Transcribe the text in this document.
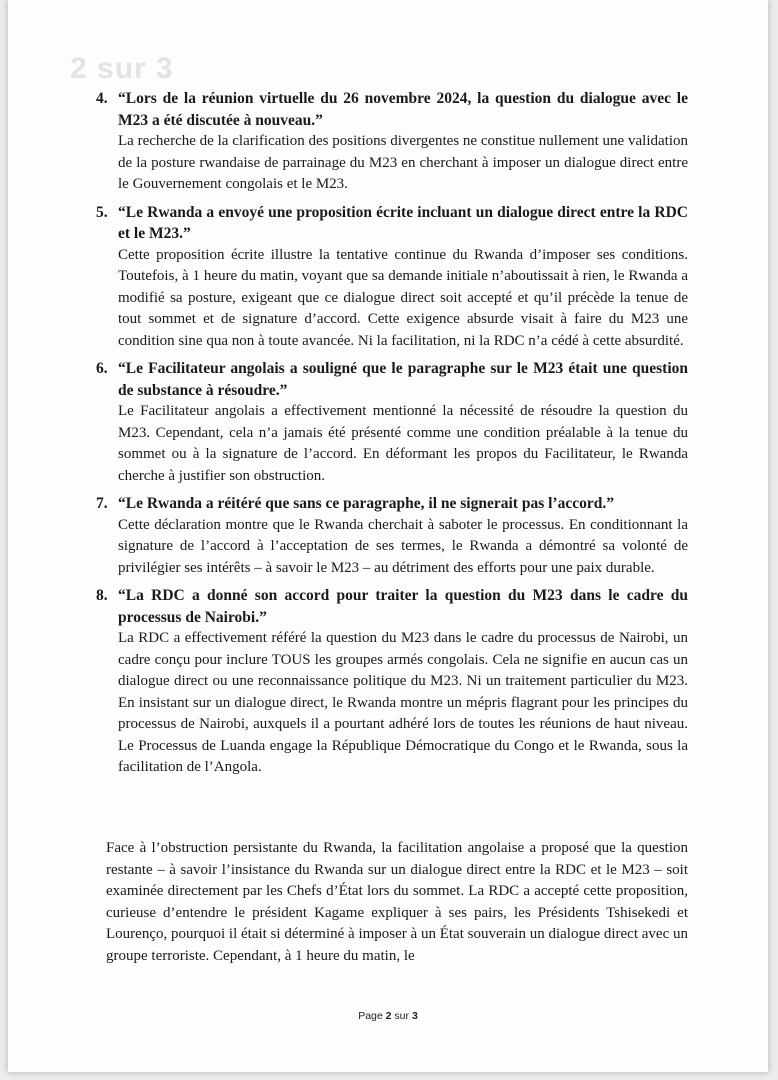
2 sur 3
4. “Lors de la réunion virtuelle du 26 novembre 2024, la question du dialogue avec le M23 a été discutée à nouveau.”

La recherche de la clarification des positions divergentes ne constitue nullement une validation de la posture rwandaise de parrainage du M23 en cherchant à imposer un dialogue direct entre le Gouvernement congolais et le M23.

5. “Le Rwanda a envoyé une proposition écrite incluant un dialogue direct entre la RDC et le M23.”

Cette proposition écrite illustre la tentative continue du Rwanda d’imposer ses conditions. Toutefois, à 1 heure du matin, voyant que sa demande initiale n’aboutissait à rien, le Rwanda a modifié sa posture, exigeant que ce dialogue direct soit accepté et qu’il précède la tenue de tout sommet et de signature d’accord. Cette exigence absurde visait à faire du M23 une condition sine qua non à toute avancée. Ni la facilitation, ni la RDC n’a cédé à cette absurdité.

6. “Le Facilitateur angolais a souligné que le paragraphe sur le M23 était une question de substance à résoudre.”

Le Facilitateur angolais a effectivement mentionné la nécessité de résoudre la question du M23. Cependant, cela n’a jamais été présenté comme une condition préalable à la tenue du sommet ou à la signature de l’accord. En déformant les propos du Facilitateur, le Rwanda cherche à justifier son obstruction.

7. “Le Rwanda a réitéré que sans ce paragraphe, il ne signerait pas l’accord.”

Cette déclaration montre que le Rwanda cherchait à saboter le processus. En conditionnant la signature de l’accord à l’acceptation de ses termes, le Rwanda a démontré sa volonté de privilégier ses intérêts – à savoir le M23 – au détriment des efforts pour une paix durable.

8. “La RDC a donné son accord pour traiter la question du M23 dans le cadre du processus de Nairobi.”

La RDC a effectivement référé la question du M23 dans le cadre du processus de Nairobi, un cadre conçu pour inclure TOUS les groupes armés congolais. Cela ne signifie en aucun cas un dialogue direct ou une reconnaissance politique du M23. Ni un traitement particulier du M23. En insistant sur un dialogue direct, le Rwanda montre un mépris flagrant pour les principes du processus de Nairobi, auxquels il a pourtant adhéré lors de toutes les réunions de haut niveau. Le Processus de Luanda engage la République Démocratique du Congo et le Rwanda, sous la facilitation de l’Angola.

Face à l’obstruction persistante du Rwanda, la facilitation angolaise a proposé que la question restante – à savoir l’insistance du Rwanda sur un dialogue direct entre la RDC et le M23 – soit examinée directement par les Chefs d’État lors du sommet. La RDC a accepté cette proposition, curieuse d’entendre le président Kagame expliquer à ses pairs, les Présidents Tshisekedi et Lourenço, pourquoi il était si déterminé à imposer à un État souverain un dialogue direct avec un groupe terroriste. Cependant, à 1 heure du matin, le

Page 2 sur 3
